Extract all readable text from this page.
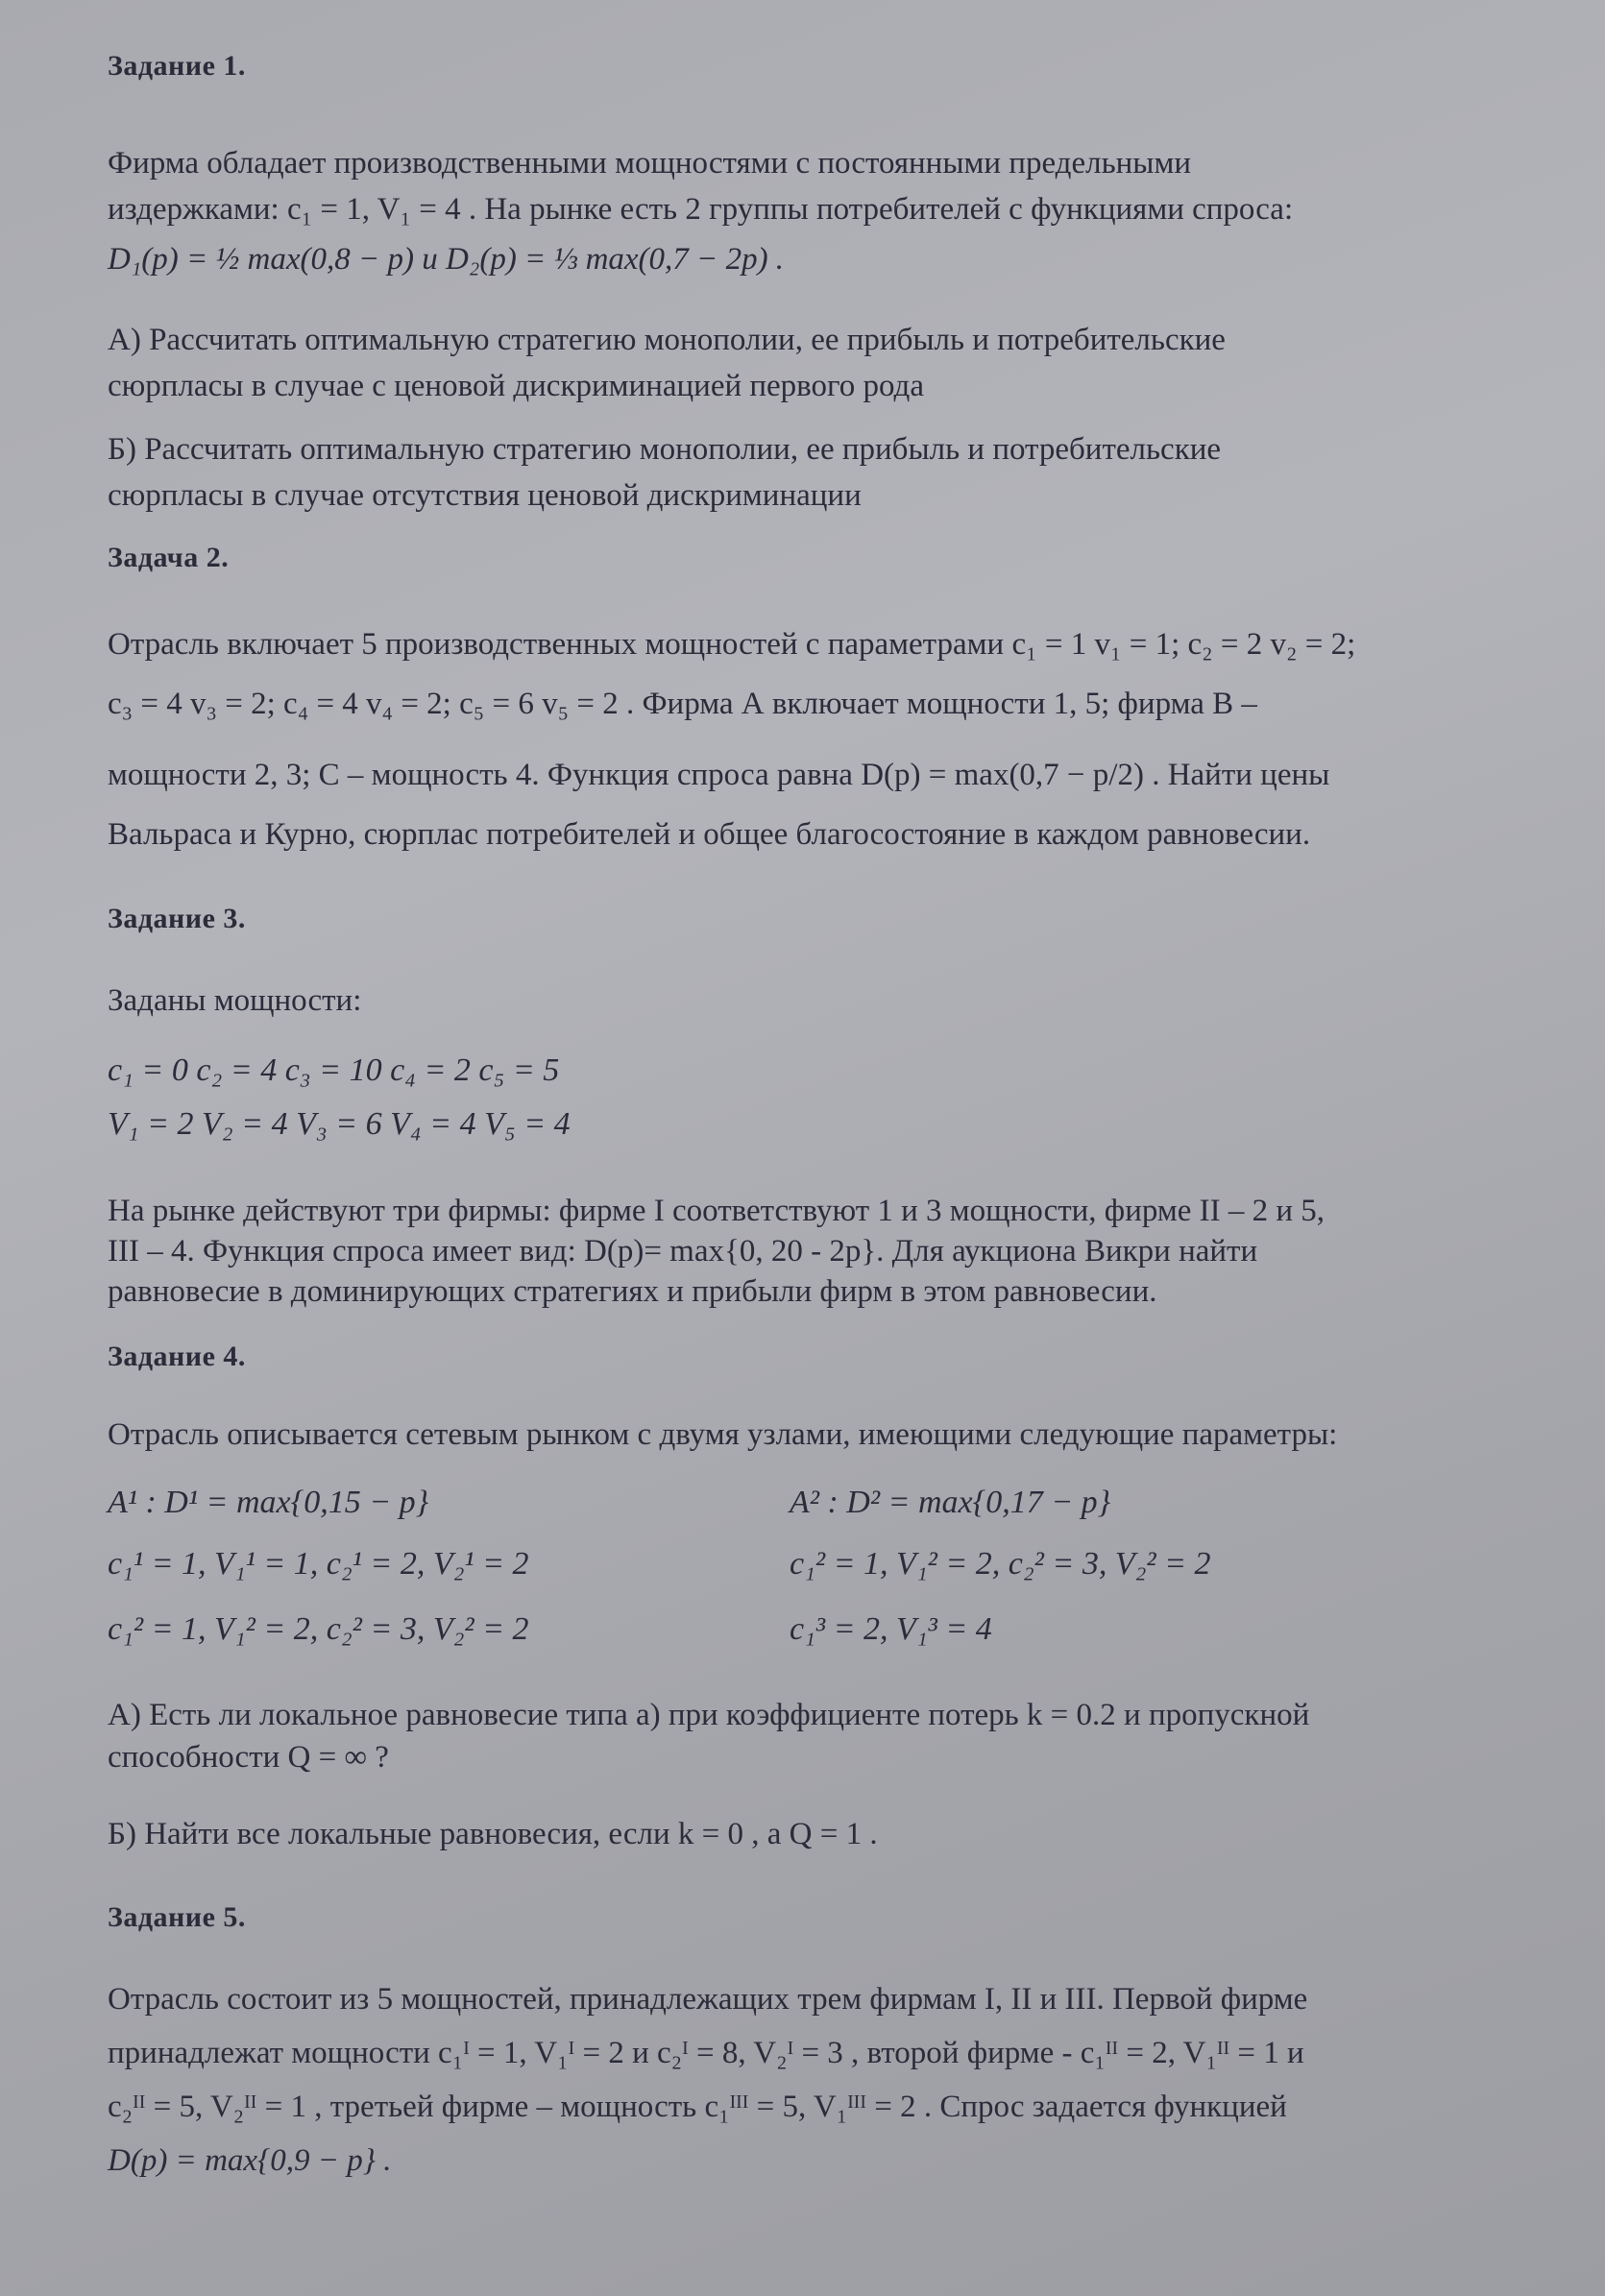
Задание 1.
Фирма обладает производственными мощностями с постоянными предельными
издержками: c₁ = 1, V₁ = 4 . На рынке есть 2 группы потребителей с функциями спроса:
D₁(p) = ½ max(0,8 − p) и D₂(p) = ⅓ max(0,7 − 2p) .
А) Рассчитать оптимальную стратегию монополии, ее прибыль и потребительские
сюрпласы в случае с ценовой дискриминацией первого рода
Б) Рассчитать оптимальную стратегию монополии, ее прибыль и потребительские
сюрпласы в случае отсутствия ценовой дискриминации
Задача 2.
Отрасль включает 5 производственных мощностей с параметрами c₁ = 1 v₁ = 1; c₂ = 2 v₂ = 2;
c₃ = 4 v₃ = 2; c₄ = 4 v₄ = 2; c₅ = 6 v₅ = 2 . Фирма А включает мощности 1, 5; фирма В –
мощности 2, 3; С – мощность 4. Функция спроса равна D(p) = max(0,7 − p/2) . Найти цены
Вальраса и Курно, сюрплас потребителей и общее благосостояние в каждом равновесии.
Задание 3.
Заданы мощности:
c₁ = 0 c₂ = 4 c₃ = 10 c₄ = 2 c₅ = 5
V₁ = 2 V₂ = 4 V₃ = 6 V₄ = 4 V₅ = 4
На рынке действуют три фирмы: фирме I соответствуют 1 и 3 мощности, фирме II – 2 и 5,
III – 4. Функция спроса имеет вид: D(p)= max{0, 20 - 2p}. Для аукциона Викри найти
равновесие в доминирующих стратегиях и прибыли фирм в этом равновесии.
Задание 4.
Отрасль описывается сетевым рынком с двумя узлами, имеющими следующие параметры:
A¹ : D¹ = max{0,15 − p}
c₁¹ = 1, V₁¹ = 1, c₂¹ = 2, V₂¹ = 2
c₁² = 1, V₁² = 2, c₂² = 3, V₂² = 2
A² : D² = max{0,17 − p}
c₁² = 1, V₁² = 2, c₂² = 3, V₂² = 2
c₁³ = 2, V₁³ = 4
А) Есть ли локальное равновесие типа а) при коэффициенте потерь k = 0.2 и пропускной
способности Q = ∞ ?
Б) Найти все локальные равновесия, если k = 0 , а Q = 1 .
Задание 5.
Отрасль состоит из 5 мощностей, принадлежащих трем фирмам I, II и III. Первой фирме
принадлежат мощности c₁ᴵ = 1, V₁ᴵ = 2 и c₂ᴵ = 8, V₂ᴵ = 3 , второй фирме - c₁ᴵᴵ = 2, V₁ᴵᴵ = 1 и
c₂ᴵᴵ = 5, V₂ᴵᴵ = 1 , третьей фирме – мощность c₁ᴵᴵᴵ = 5, V₁ᴵᴵᴵ = 2 . Спрос задается функцией
D(p) = max{0,9 − p} .
